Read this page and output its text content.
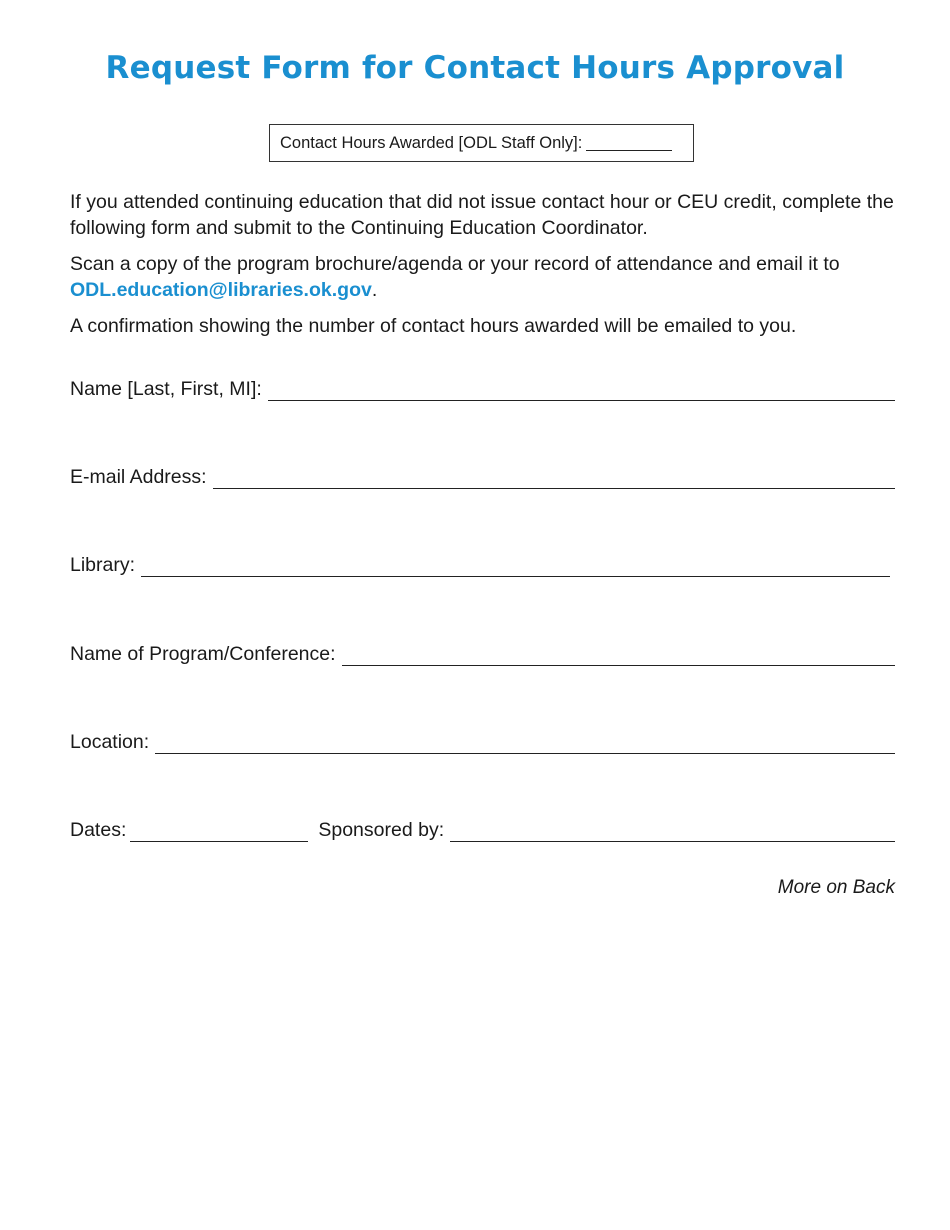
Request Form for Contact Hours Approval
Contact Hours Awarded [ODL Staff Only]:
If you attended continuing education that did not issue contact hour or CEU credit, complete the following form and submit to the Continuing Education Coordinator.
Scan a copy of the program brochure/agenda or your record of attendance and email it to ODL.education@libraries.ok.gov.
A confirmation showing the number of contact hours awarded will be emailed to you.
Name [Last, First, MI]:
E-mail Address:
Library:
Name of Program/Conference:
Location:
Dates:	Sponsored by:
More on Back
